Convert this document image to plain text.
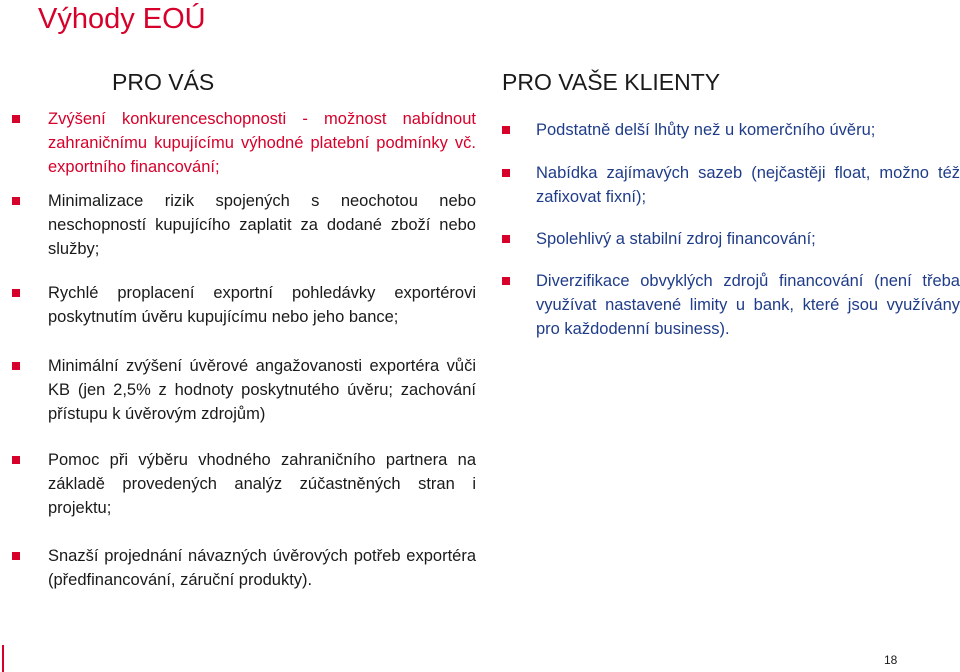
Výhody EOÚ
PRO VÁS	PRO VAŠE KLIENTY
Zvýšení konkurenceschopnosti - možnost nabídnout zahraničnímu kupujícímu výhodné platební podmínky vč. exportního financování;
Minimalizace rizik spojených s neochotou nebo neschopností kupujícího zaplatit za dodané zboží nebo služby;
Rychlé proplacení exportní pohledávky exportérovi poskytnutím úvěru kupujícímu nebo jeho bance;
Minimální zvýšení úvěrové angažovanosti exportéra vůči KB (jen 2,5% z hodnoty poskytnutého úvěru; zachování přístupu k úvěrovým zdrojům)
Pomoc při výběru vhodného zahraničního partnera na základě provedených analýz zúčastněných stran i projektu;
Snazší projednání návazných úvěrových potřeb exportéra (předfinancování, záruční produkty).
Podstatně delší lhůty než u komerčního úvěru;
Nabídka zajímavých sazeb (nejčastěji float, možno též zafixovat fixní);
Spolehlivý a stabilní zdroj financování;
Diverzifikace obvyklých zdrojů financování (není třeba využívat nastavené limity u bank, které jsou využívány pro každodenní business).
18
